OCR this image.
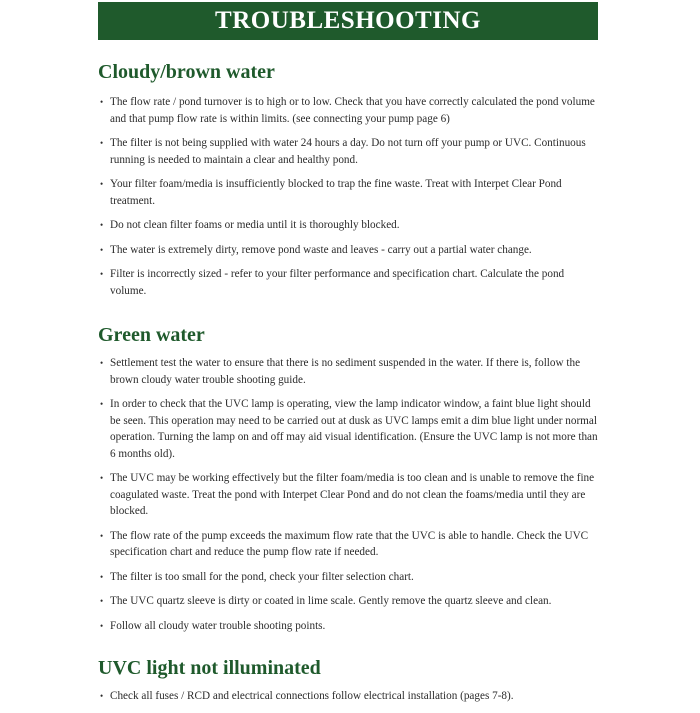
TROUBLESHOOTING
Cloudy/brown water
• The flow rate / pond turnover is to high or to low. Check that you have correctly calculated the pond volume and that pump flow rate is within limits. (see connecting your pump page 6)
• The filter is not being supplied with water 24 hours a day. Do not turn off your pump or UVC. Continuous running is needed to maintain a clear and healthy pond.
• Your filter foam/media is insufficiently blocked to trap the fine waste. Treat with Interpet Clear Pond treatment.
• Do not clean filter foams or media until it is thoroughly blocked.
• The water is extremely dirty, remove pond waste and leaves - carry out a partial water change.
• Filter is incorrectly sized - refer to your filter performance and specification chart. Calculate the pond volume.
Green water
• Settlement test the water to ensure that there is no sediment suspended in the water. If there is, follow the brown cloudy water trouble shooting guide.
• In order to check that the UVC lamp is operating, view the lamp indicator window, a faint blue light should be seen. This operation may need to be carried out at dusk as UVC lamps emit a dim blue light under normal operation. Turning the lamp on and off may aid visual identification. (Ensure the UVC lamp is not more than 6 months old).
• The UVC may be working effectively but the filter foam/media is too clean and is unable to remove the fine coagulated waste. Treat the pond with Interpet Clear Pond and do not clean the foams/media until they are blocked.
• The flow rate of the pump exceeds the maximum flow rate that the UVC is able to handle. Check the UVC specification chart and reduce the pump flow rate if needed.
• The filter is too small for the pond, check your filter selection chart.
• The UVC quartz sleeve is dirty or coated in lime scale. Gently remove the quartz sleeve and clean.
• Follow all cloudy water trouble shooting points.
UVC light not illuminated
• Check all fuses / RCD and electrical connections follow electrical installation (pages 7-8).
